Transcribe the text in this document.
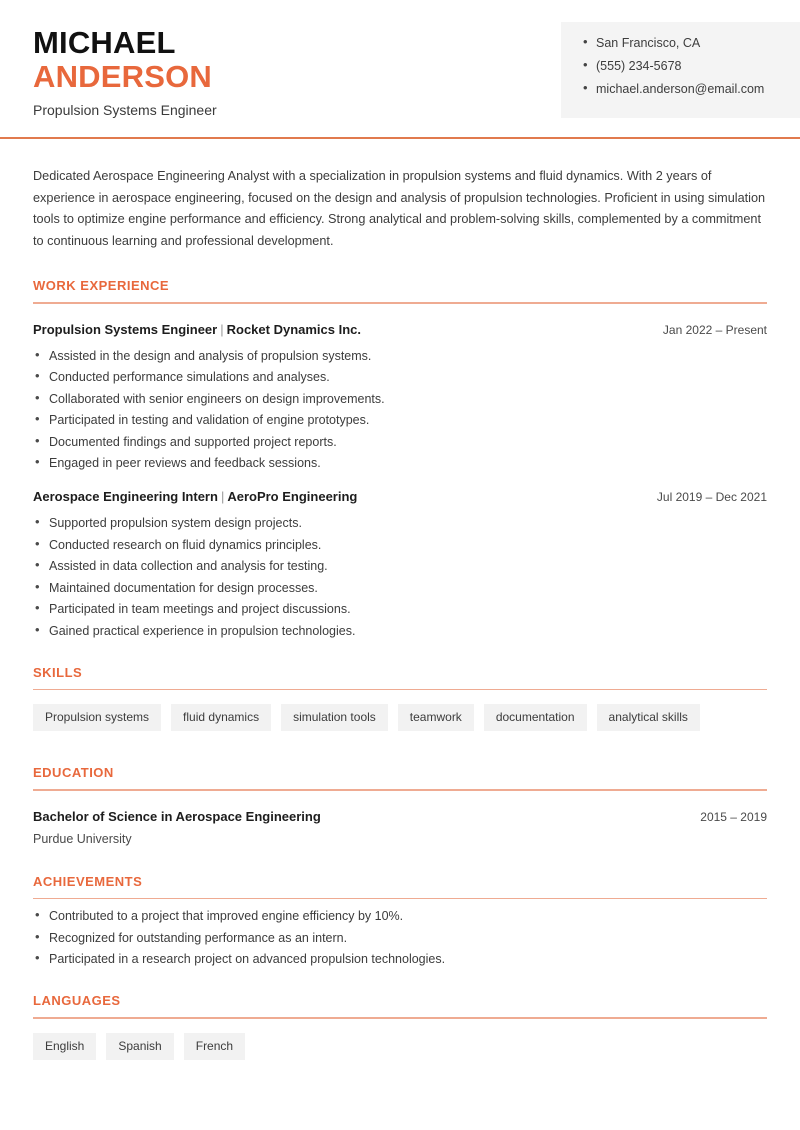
• San Francisco, CA
• (555) 234-5678
• michael.anderson@email.com
MICHAEL
ANDERSON
Propulsion Systems Engineer

Dedicated Aerospace Engineering Analyst with a specialization in propulsion systems and fluid dynamics. With 2 years of experience in aerospace engineering, focused on the design and analysis of propulsion technologies. Proficient in using simulation tools to optimize engine performance and efficiency. Strong analytical and problem-solving skills, complemented by a commitment to continuous learning and professional development.

WORK EXPERIENCE
Propulsion Systems Engineer | Rocket Dynamics Inc.	Jan 2022 – Present
• Assisted in the design and analysis of propulsion systems.
• Conducted performance simulations and analyses.
• Collaborated with senior engineers on design improvements.
• Participated in testing and validation of engine prototypes.
• Documented findings and supported project reports.
• Engaged in peer reviews and feedback sessions.
Aerospace Engineering Intern | AeroPro Engineering	Jul 2019 – Dec 2021
• Supported propulsion system design projects.
• Conducted research on fluid dynamics principles.
• Assisted in data collection and analysis for testing.
• Maintained documentation for design processes.
• Participated in team meetings and project discussions.
• Gained practical experience in propulsion technologies.
SKILLS
Propulsion systems	fluid dynamics	simulation tools	teamwork	documentation	analytical skills
EDUCATION
Bachelor of Science in Aerospace Engineering	2015 – 2019
Purdue University
ACHIEVEMENTS
• Contributed to a project that improved engine efficiency by 10%.
• Recognized for outstanding performance as an intern.
• Participated in a research project on advanced propulsion technologies.
LANGUAGES
English	Spanish	French
